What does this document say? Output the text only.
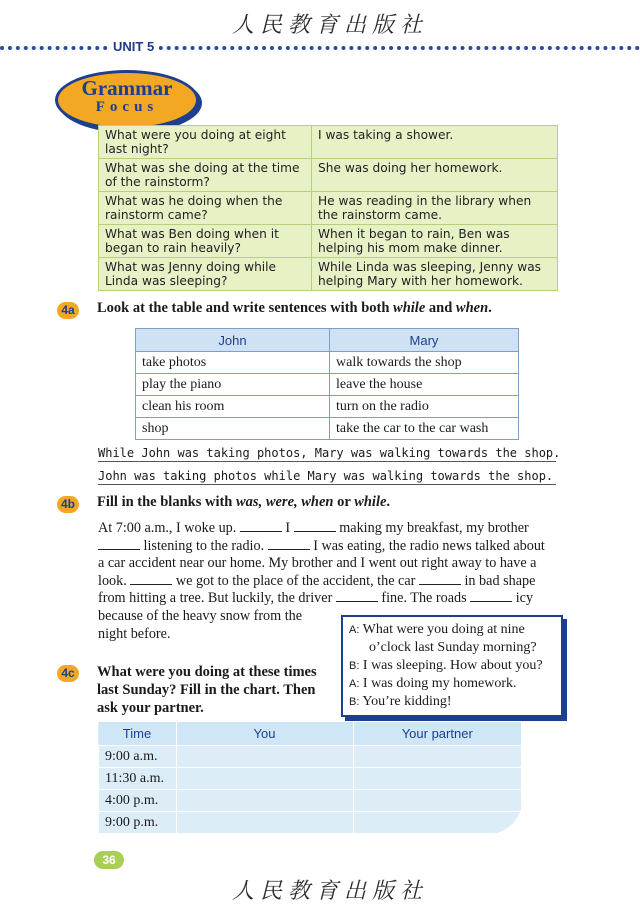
人民教育出版社
UNIT 5
Grammar
Focus
What were you doing at eight last night?	I was taking a shower.
What was she doing at the time of the rainstorm?	She was doing her homework.
What was he doing when the rainstorm came?	He was reading in the library when the rainstorm came.
What was Ben doing when it began to rain heavily?	When it began to rain, Ben was helping his mom make dinner.
What was Jenny doing while Linda was sleeping?	While Linda was sleeping, Jenny was helping Mary with her homework.
4a Look at the table and write sentences with both while and when.
John	Mary
take photos	walk towards the shop
play the piano	leave the house
clean his room	turn on the radio
shop	take the car to the car wash
While John was taking photos, Mary was walking towards the shop.
John was taking photos while Mary was walking towards the shop.
4b Fill in the blanks with was, were, when or while.
At 7:00 a.m., I woke up.	I	making my breakfast, my brother
listening to the radio.	I was eating, the radio news talked about
a car accident near our home. My brother and I went out right away to have a
look.	we got to the place of the accident, the car	in bad shape
from hitting a tree. But luckily, the driver	fine. The roads	icy
because of the heavy snow from the
night before.	A: What were you doing at nine
o’clock last Sunday morning?
B: I was sleeping. How about you?
A: I was doing my homework.
B: You’re kidding!
4c What were you doing at these times
last Sunday? Fill in the chart. Then
ask your partner.
Time	You	Your partner
9:00 a.m.		
11:30 a.m.		
4:00 p.m.		
9:00 p.m.		
36
人民教育出版社
